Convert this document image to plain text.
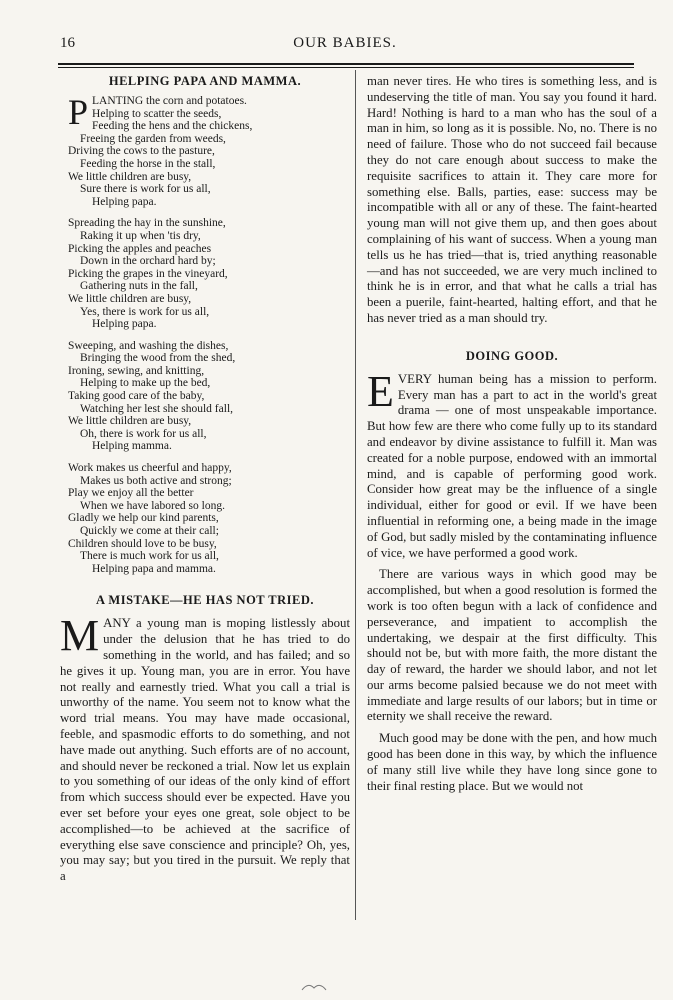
16	OUR BABIES.
HELPING PAPA AND MAMMA.
P LANTING the corn and potatoes.
Helping to scatter the seeds,
Feeding the hens and the chickens,
Freeing the garden from weeds,
Driving the cows to the pasture,
Feeding the horse in the stall,
We little children are busy,
Sure there is work for us all,
Helping papa.
Spreading the hay in the sunshine,
Raking it up when 'tis dry,
Picking the apples and peaches
Down in the orchard hard by;
Picking the grapes in the vineyard,
Gathering nuts in the fall,
We little children are busy,
Yes, there is work for us all,
Helping papa.
Sweeping, and washing the dishes,
Bringing the wood from the shed,
Ironing, sewing, and knitting,
Helping to make up the bed,
Taking good care of the baby,
Watching her lest she should fall,
We little children are busy,
Oh, there is work for us all,
Helping mamma.
Work makes us cheerful and happy,
Makes us both active and strong;
Play we enjoy all the better
When we have labored so long.
Gladly we help our kind parents,
Quickly we come at their call;
Children should love to be busy,
There is much work for us all,
Helping papa and mamma.
A MISTAKE—HE HAS NOT TRIED.

MANY a young man is moping listlessly about under the delusion that he has tried to do something in the world, and has failed; and so he gives it up. Young man, you are in error. You have not really and earnestly tried. What you call a trial is unworthy of the name. You seem not to know what the word trial means. You may have made occasional, feeble, and spasmodic efforts to do something, and not have made out anything. Such efforts are of no account, and should never be reckoned a trial. Now let us explain to you something of our ideas of the only kind of effort from which success should ever be expected. Have you ever set before your eyes one great, sole object to be accomplished—to be achieved at the sacrifice of everything else save conscience and principle? Oh, yes, you may say; but you tired in the pursuit. We reply that a

man never tires. He who tires is something less, and is undeserving the title of man. You say you found it hard. Hard! Nothing is hard to a man who has the soul of a man in him, so long as it is possible. No, no. There is no need of failure. Those who do not succeed fail because they do not care enough about success to make the requisite sacrifices to attain it. They care more for something else. Balls, parties, ease: success may be incompatible with all or any of these. The faint-hearted young man will not give them up, and then goes about complaining of his want of success. When a young man tells us he has tried—that is, tried anything reasonable—and has not succeeded, we are very much inclined to think he is in error, and that what he calls a trial has been a puerile, faint-hearted, halting effort, and that he has never tried as a man should try.

DOING GOOD.

EVERY human being has a mission to perform. Every man has a part to act in the world's great drama — one of most unspeakable importance. But how few are there who come fully up to its standard and endeavor by divine assistance to fulfill it. Man was created for a noble purpose, endowed with an immortal mind, and is capable of performing good work. Consider how great may be the influence of a single individual, either for good or evil. If we have been influential in reforming one, a being made in the image of God, but sadly misled by the contaminating influence of vice, we have performed a good work.

There are various ways in which good may be accomplished, but when a good resolution is formed the work is too often begun with a lack of confidence and perseverance, and impatient to accomplish the undertaking, we despair at the first difficulty. This should not be, but with more faith, the more distant the day of reward, the harder we should labor, and not let our arms become palsied because we do not meet with immediate and large results of our labors; but in time or eternity we shall receive the reward.

Much good may be done with the pen, and how much good has been done in this way, by which the influence of many still live while they have long since gone to their final resting place. But we would not
